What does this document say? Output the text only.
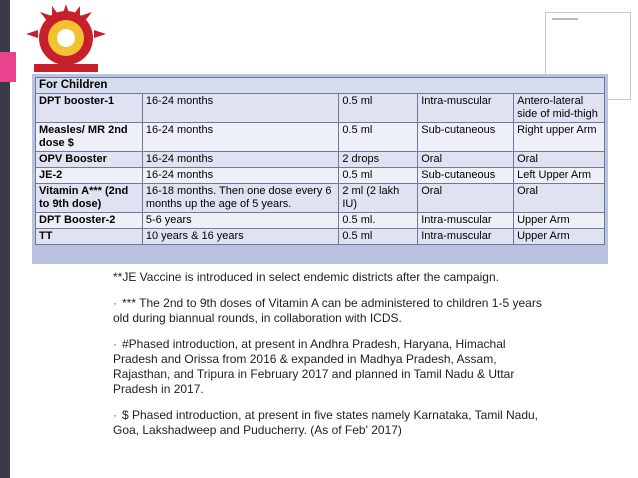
For Children				
DPT booster-1	16-24 months	0.5 ml	Intra-muscular	Antero-lateral side of mid-thigh
Measles/ MR 2nd dose $	16-24 months	0.5 ml	Sub-cutaneous	Right upper Arm
OPV Booster	16-24 months	2 drops	Oral	Oral
JE-2	16-24 months	0.5 ml	Sub-cutaneous	Left Upper Arm
Vitamin A*** (2nd to 9th dose)	16-18 months. Then one dose every 6 months up the age of 5 years.	2 ml (2 lakh IU)	Oral	Oral
DPT Booster-2	5-6 years	0.5 ml.	Intra-muscular	Upper Arm
TT	10 years & 16 years	0.5 ml	Intra-muscular	Upper Arm

**JE Vaccine is introduced in select endemic districts after the campaign.

· *** The 2nd to 9th doses of Vitamin A can be administered to children 1-5 years old during biannual rounds, in collaboration with ICDS.

· #Phased introduction, at present in Andhra Pradesh, Haryana, Himachal Pradesh and Orissa from 2016 & expanded in Madhya Pradesh, Assam, Rajasthan, and Tripura in February 2017 and planned in Tamil Nadu & Uttar Pradesh in 2017.

· $ Phased introduction, at present in five states namely Karnataka, Tamil Nadu, Goa, Lakshadweep and Puducherry. (As of Feb' 2017)
